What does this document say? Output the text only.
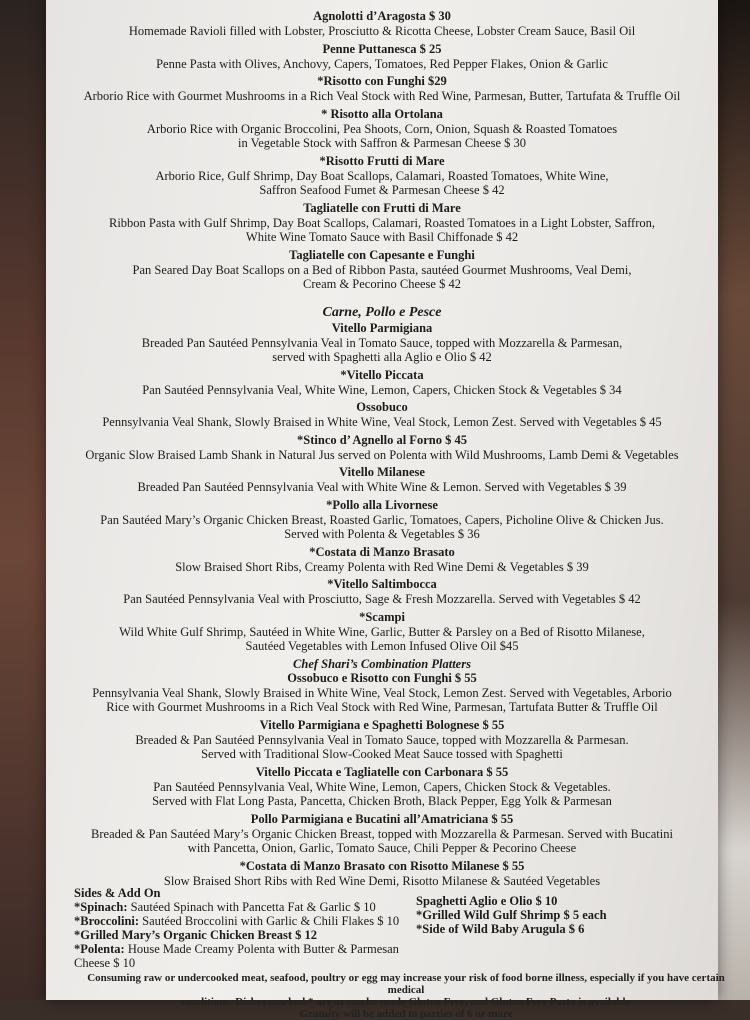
Agnolotti d’Aragosta $ 30
Homemade Ravioli filled with Lobster, Prosciutto & Ricotta Cheese, Lobster Cream Sauce, Basil Oil
Penne Puttanesca $ 25
Penne Pasta with Olives, Anchovy, Capers, Tomatoes, Red Pepper Flakes, Onion & Garlic
*Risotto con Funghi $29
Arborio Rice with Gourmet Mushrooms in a Rich Veal Stock with Red Wine, Parmesan, Butter, Tartufata & Truffle Oil
* Risotto alla Ortolana
Arborio Rice with Organic Broccolini, Pea Shoots, Corn, Onion, Squash & Roasted Tomatoes
in Vegetable Stock with Saffron & Parmesan Cheese $ 30
*Risotto Frutti di Mare
Arborio Rice, Gulf Shrimp, Day Boat Scallops, Calamari, Roasted Tomatoes, White Wine,
Saffron Seafood Fumet & Parmesan Cheese $ 42
Tagliatelle con Frutti di Mare
Ribbon Pasta with Gulf Shrimp, Day Boat Scallops, Calamari, Roasted Tomatoes in a Light Lobster, Saffron,
White Wine Tomato Sauce with Basil Chiffonade $ 42
Tagliatelle con Capesante e Funghi
Pan Seared Day Boat Scallops on a Bed of Ribbon Pasta, sautéed Gourmet Mushrooms, Veal Demi,
Cream & Pecorino Cheese $ 42
Carne, Pollo e Pesce
Vitello Parmigiana
Breaded Pan Sautéed Pennsylvania Veal in Tomato Sauce, topped with Mozzarella & Parmesan,
served with Spaghetti alla Aglio e Olio $ 42
*Vitello Piccata
Pan Sautéed Pennsylvania Veal, White Wine, Lemon, Capers, Chicken Stock & Vegetables $ 34
Ossobuco
Pennsylvania Veal Shank, Slowly Braised in White Wine, Veal Stock, Lemon Zest. Served with Vegetables $ 45
*Stinco d’ Agnello al Forno $ 45
Organic Slow Braised Lamb Shank in Natural Jus served on Polenta with Wild Mushrooms, Lamb Demi & Vegetables
Vitello Milanese
Breaded Pan Sautéed Pennsylvania Veal with White Wine & Lemon. Served with Vegetables $ 39
*Pollo alla Livornese
Pan Sautéed Mary’s Organic Chicken Breast, Roasted Garlic, Tomatoes, Capers, Picholine Olive & Chicken Jus.
Served with Polenta & Vegetables $ 36
*Costata di Manzo Brasato
Slow Braised Short Ribs, Creamy Polenta with Red Wine Demi & Vegetables $ 39
*Vitello Saltimbocca
Pan Sautéed Pennsylvania Veal with Prosciutto, Sage & Fresh Mozzarella. Served with Vegetables $ 42
*Scampi
Wild White Gulf Shrimp, Sautéed in White Wine, Garlic, Butter & Parsley on a Bed of Risotto Milanese,
Sautéed Vegetables with Lemon Infused Olive Oil $45
Chef Shari’s Combination Platters
Ossobuco e Risotto con Funghi $ 55
Pennsylvania Veal Shank, Slowly Braised in White Wine, Veal Stock, Lemon Zest. Served with Vegetables, Arborio
Rice with Gourmet Mushrooms in a Rich Veal Stock with Red Wine, Parmesan, Tartufata Butter & Truffle Oil
Vitello Parmigiana e Spaghetti Bolognese $ 55
Breaded & Pan Sautéed Pennsylvania Veal in Tomato Sauce, topped with Mozzarella & Parmesan.
Served with Traditional Slow-Cooked Meat Sauce tossed with Spaghetti
Vitello Piccata e Tagliatelle con Carbonara $ 55
Pan Sautéed Pennsylvania Veal, White Wine, Lemon, Capers, Chicken Stock & Vegetables.
Served with Flat Long Pasta, Pancetta, Chicken Broth, Black Pepper, Egg Yolk & Parmesan
Pollo Parmigiana e Bucatini all’Amatriciana $ 55
Breaded & Pan Sautéed Mary’s Organic Chicken Breast, topped with Mozzarella & Parmesan. Served with Bucatini
with Pancetta, Onion, Garlic, Tomato Sauce, Chili Pepper & Pecorino Cheese
*Costata di Manzo Brasato con Risotto Milanese $ 55
Slow Braised Short Ribs with Red Wine Demi, Risotto Milanese & Sautéed Vegetables
Sides & Add On
*Spinach: Sautéed Spinach with Pancetta Fat & Garlic $ 10
*Broccolini: Sautéed Broccolini with Garlic & Chili Flakes $ 10
*Grilled Mary’s Organic Chicken Breast $ 12
*Polenta: House Made Creamy Polenta with Butter & Parmesan Cheese $ 10
Spaghetti Aglio e Olio $ 10
*Grilled Wild Gulf Shrimp $ 5 each
*Side of Wild Baby Arugula $ 6
Consuming raw or undercooked meat, seafood, poultry or egg may increase your risk of food borne illness, especially if you have certain medical
conditions. Dishes marked * are or can be made Gluten Free, and Gluten Free Pasta is available
Gratuity will be added to parties of 6 or more
